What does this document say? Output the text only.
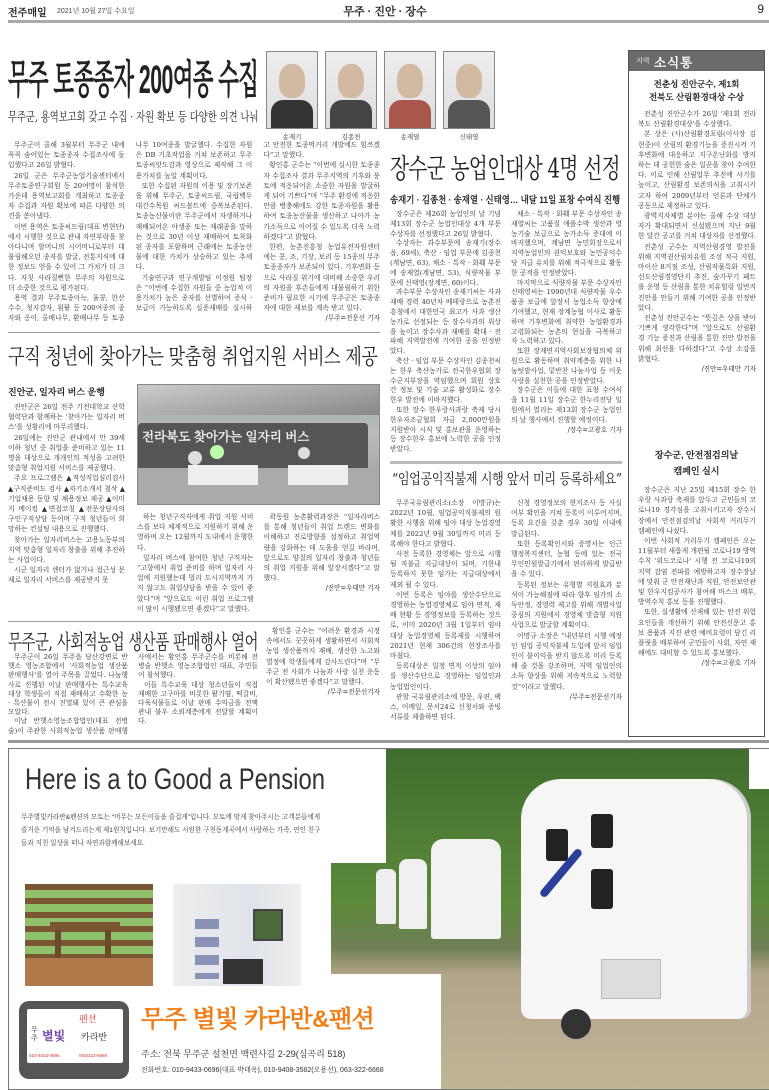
전주매일 2021년 10월 27일 수요일	무주 · 진안 · 장수	9
무주 토종종자 200여종 수집
무주군, 용역보고회 갖고 수집 · 자원 확보 등 다양한 의견 나눠

무주군이 올해 3월부터 무주군 내에 꼭꼭 숨어있는 토종종자 수집조사에 돌입했다고 26일 밝혔다.

26일 군은 무주군농업기술센터에서 무주토종연구회원 등 20여명이 참석한 가운데 용역보고회를 개최하고 토종종자 수집과 자원 확보에 따른 다양한 의견을 쏟아냈다.

이번 용역은 토종씨드림(대표 변현단)에서 시행한 것으로 관내 자연부락을 찾아다니며 할머니의 시어머니로부터 대물림해오던 종자를 발굴, 전통지식에 대한 정보도 얻을 수 있어 그 가치가 더 크다. 자칫 사라질뻔한 무주의 자원으로 더 소중한 것으로 평가된다.

용역 결과 무주토종아늑, 율콩, 한산수수, 청지감자, 흰팥 등 200여종의 종자와 옹이, 올배나무, 환배나무 등 토종나무 10여종을 발굴했다. 수집한 자원은 DB 기초작업을 거쳐 보존하고 무주토종씨앗도감과 영상으로 제작해 그 이용가치를 높일 계획이다.

또한 수집된 자원의 이용 및 장기보존을 위해 무주군, 토종씨드림, 국립백두대간수목원 씨드볼트에 중복보존된다. 토종농산물이란 무주군에서 자생하거나 재배되어온 야생종 또는 재래종을 말하는 것으로 30년 이상 재배하여 토착화된 종자를 포함하며 근래에는 토종농산물에 대한 가치가 상승하고 있는 추세다.

기술연구과 연구개발팀 이정원 팀장은 “이번에 수집한 자원들 중 농업적 이용가치가 높은 종자를 선별하여 증식 · 보급이 가능하도록 실증재배를 실시하고 안전한 토종먹거리 개발에도 힘쓰겠다”고 말했다.

황인홍 군수는 “이번에 실시한 토종종자 수집조사 결과 무주지역의 기후와 풍토에 적응되어온 소중한 자원을 발굴하게 되어 기쁘다”며 “무주 환경에 적응한 만큼 병충해에도 강한 토종자원을 활용하여 토종농산물을 생산하고 나아가 농가소득으로 이어질 수 있도록 더욱 노력하겠다”고 밝혔다.

한편, 농촌진흥청 농업유전자원센터에는 콩, 조, 기장, 보리 등 15종의 무주 토종종자가 보존되어 있다. 기후변화 등으로 사라질 위기에 대비해 소중한 우리의 자원을 후손들에게 대물림하기 위한 준비가 필요한 시기에 무주군은 토종종자에 대한 제보를 계속 받고 있다.

/무주=전문선 기자
송재기	김종천	송재열	신태영
장수군 농업인대상 4명 선정
송재기 · 김종천 · 송재열 · 신태영… 내달 11일 표창 수여식 진행

장수군은 제26회 농업인의 날 기념 제13회 장수군 농업인대상 4개 부문 수상자를 선정했다고 26일 밝혔다.

수상자는 과수부문에 송재기(장수읍, 69세), 축산 · 임업 부문에 김종천(계남면, 63), 채소 · 특작 · 화훼 부문에 송재열(계남면, 53), 식량작물 부문에 신태영(장계면, 60)이다.

과수부문 수상자인 송재기씨는 사과재배 경력 40년차 베테랑으로 농촌진흥청에서 대한민국 최고가 사과 생산농가로 선정되는 등 장수사과의 위상을 높이고 장수사과 재배를 확대 · 전파해 지역발전에 기여한 공을 인정받았다.

축산 · 임업 부문 수상자인 김종천씨는 한우 축산농가로 전국한우협회 장수군지부장을 역임했으며 회원 상호간 정보 및 기술 교류 활성화로 장수한우 발전에 이바지했다.

또한 장수 한우랑사과랑 축제 당시 한우자조금협회 자금 2,000만원을 지원받아 시식 및 홍보관을 운영하는 등 장수한우 홍보에 노력한 공을 인정받았다.

채소 · 특작 · 화훼 부문 수상자인 송재열씨는 고품질 애플수박 생산과 영농기술 보급으로 농가소득 증대에 이바지했으며, 계남면 농민회장으로서 지역농업인의 권익보호와 농민공익수당 지급 유치를 위해 적극적으로 활동한 공적을 인정받았다.

마지막으로 식량작물 부문 수상자인 신태영씨는 1990년대 식량작물 우수품종 보급에 앞장서 농업소득 향상에 기여했고, 현재 장계농협 이사로 활동하며 기후변화에 취약한 농업환경과 고령화되는 농촌의 현실을 극복하고자 노력하고 있다.

또한 장계면지역사회보장협의체 위원으로 활동하며 취약계층을 위한 나눔텃밭사업, 밑반찬 나눔사업 등 이웃사랑을 실천한 공을 인정받았다.

장수군은 이들에 대한 표창 수여식을 11월 11일 장수군 한누리전당 일원에서 열리는 제13회 장수군 농업인의 날 행사에서 진행할 예정이다.

/장수=고광호 기자
구직 청년에 찾아가는 맞춤형 취업지원 서비스 제공
진안군, 일자리 버스 운행

진안군은 26일 전주 기전대학교 산학협력단과 함께하는 '찾아가는 일자리 버스'를 성황리에 마무리했다.

26일에는 진안군 관내에서 만 39세 이하 청년 중 취업을 준비하고 있는 11명을 대상으로 개개인의 적성을 고려한 맞춤형 취업지원 서비스를 제공했다.

주요 프로그램은 ▲적성직업심리검사 ▲구직준비도 검사 ▲자기소개서 첨삭 ▲기업채용 동향 및 채용정보 제공 ▲이미지 메이킹 ▲면접코칭 ▲전문상담사의 구인구직상담 등이며 구직 청년들이 희망하는 컨설팅 내용으로 진행했다.

찾아가는 일자리버스는 고용노동부의 지역 맞춤형 일자리 창출을 위해 추진하는 사업이다.

시군 일자리 센터가 없거나 접근성 문제로 일자리 서비스를 제공받지 못

전라북도 찾아가는 일자리 버스

하는 청년구직자에게 취업 지원 서비스를 보다 체계적으로 지원하기 위해 운영하며 오는 12월까지 도내에서 운행한다.

일자리 버스에 참여한 청년 구직자는 “고향에서 취업 준비를 하며 일자리 사업에 지원했는데 멀리 도시지역까지 가지 않고도 취업상담을 받을 수 있어 좋았다”며 “앞으로도 이런 취업 프로그램이 많이 시행됐으면 좋겠다”고 말했다.

곽동원 농촌활력과장은 “일자리버스를 통해 청년들이 취업 트렌드 변화를 이해하고 진로방향을 설정하고 취업역량을 강화하는 데 도움을 얻길 바라며, 앞으로도 양질의 일자리 창출과 청년들의 취업 지원을 위해 앞장서겠다”고 말했다.

/진안=우태만 기자
무주군, 사회적농업 생산품 판매행사 열어

무주군이 26일 무주읍 당산강변로 반햇소 영농조합에서 '사회적농업 생산품 판매행사'를 열어 주목을 끌었다. 나눔행사로 진행된 이날 판매행사는 특수교육 대상 학생들이 직접 재배하고 수확한 농 · 특산물이 전시 진열돼 있어 큰 관심을 모았다.

이날 반햇소영농조합법인(대표 전병술)이 주관한 사회적농업 생산품 판매행사에서는 황인홍 무주군수를 비롯해 전병술 반햇소 영농조합법인 대표, 주민들이 참석했다.

이들 특수교육 대상 청소년들이 직접 재배한 고구마를 비롯한 팥기염, 떡갈비, 다육식물들로 이날 판매 수익금을 전액 관내 불우 소외계층에게 전달할 계획이다.

황인홍 군수는 “어려운 환경과 시정속에서도 꿋꿋하게 생활하면서 사회적농업 생산품까지 재배, 생산한 노고와 열정에 학생들에게 감사드린다”며 “무주군 전 사회가 나눔과 사랑 실천 운동이 확산됐으면 좋겠다”고 말했다.

/무주=전문선기자
“임업공익직불제 시행 앞서 미리 등록하세요”

무주국유림관리소(소장 이명규)는 2022년 10월, 임업공익직불제의 원활한 시행을 위해 임야 대상 농업경영체를 2022년 9월 30일까지 미리 등록해야 한다고 밝혔다.

사전 등록한 경영체는 앞으로 시행될 직불금 지급대상이 되며, 기한내 등록하지 못한 임가는 지급대상에서 제외 될 수 있다.

이번 등록은 임야를 생산수단으로 경영하는 농업경영체로 임야 면적, 재배 현황 등 경영정보를 등록하는 것으로, 이미 2020년 3월 1일부터 임야 대상 농업경영체 등록제를 시행하여 2021년 현재 306건의 현장조사를 마쳤다.

등록대상은 일정 면적 이상의 임야를 생산수단으로 경영하는 임업인과 농업법인이다.

관할 국유림관리소에 방문, 우편, 팩스, 이메일, 문서24로 신청서와 증빙서류를 제출하면 된다.

신청 경영정보의 현지조사 등 사실여부 확인을 거쳐 등록이 이루어지며, 등록 요건을 갖춘 경우 30일 이내에 발급된다.

또한 등록확인서와 증명서는 인근 행정복지센터, 농협 등에 있는 전국 무인민원발급기에서 편리하게 발급받을 수 있다.

등록된 정보는 유형별 지원효과 분석이 가능해짐에 따라 향후 임가의 소득안정, 경영력 제고를 위해 개별사업 중심의 지원에서 경영체 맞춤형 지원 사업으로 발굴할 계획이다.

이명규 소장은 “내년부터 시행 예정인 임업 공익직불제 도입에 앞서 임업인이 불이익을 받지 않도록 미리 등록해 줄 것을 강조하며, 지역 임업인의 소득 향상을 위해 지속적으로 노력할 것”이라고 말했다.

/무주=전문선기자
지역 소식통
전춘성 진안군수, 제1회
전북도 산림환경대상 수상

전춘성 진안군수가 26일 '제1회 전라북도 산림환경대상'을 수상했다.

본 상은 (사)산림환경포럼(이사장 김현중)이 산림의 환경기능을 증진시켜 기후변화에 대응하고 지구온난화를 방지하는 데 공헌한 숨은 일꾼을 찾아 수여한다. 이로 인해 산림업무 추진에 사기를 높이고, 산림환경 보존의식을 고취시키고자 하여 2009년부터 언론과 단체가 공동으로 제정하고 있다.

광역지자체별 분야는 올해 수상 대상자가 확대되면서 신설됐으며 지난 9월 한 달간 공고를 거쳐 대상자를 선정했다.

전춘성 군수는 지역산림경영 발전을 위해 지역권산림치유원 조성 적극 지원, 마이산 8거점 조성, 산림작물특화 지원, 선도산림경영단지 추진, 숲가꾸기 패트롤 운영 등 산림을 통한 치유힐링 일번지 진안을 만들기 위해 기여한 공을 인정받았다.

전춘성 진안군수는 “뜻깊은 상을 받아 기쁘게 생각한다”며 “앞으로도 산림환경 기능 증진과 산림을 통한 진안 발전을 위해 최선을 다하겠다”고 수상 소감을 밝혔다.

/진안=우태만 기자
장수군, 안전점검의날
캠페인 실시

장수군은 지난 25일 제15회 장수 한우랑 사과랑 축제를 앞두고 군민들의 코로나19 경각심을 고취시키고자 장수시장에서 안전점검의날 사회적 거리두기 캠페인에 나섰다.

이번 사회적 거리두기 캠페인은 오는 11월부터 새롭게 개편될 코로나19 방역수칙 '위드코로나' 시행 전 코로나19의 지역 감염 전파를 예방하고자 장수장날에 맞춰 군 안전재난과 직원, 안전보안관 및 한우지킴공사가 참여해 마스크 배부, 방역수칙 홍보 등을 진행했다.

또한, 실생활에 산재해 있는 안전 위험 요인들을 개선하기 위해 안전신문고 홍보 용품과 지진 관련 예비요령이 담긴 리플릿을 배부하여 군민들이 사회, 자연 재해에도 대비할 수 있도록 홍보했다.

/장수=고광호 기자
Here is a to Good a Pension
무주별빛카라반&펜션의 모토는 “머무는 모든이들을 즐겁게”입니다. 모토에 맞게 찾아주시는 고객분들에게 즐거운 기억을 남겨드리는게 제1원칙입니다. 보기만해도 시원한 구천동계곡에서 사랑하는 가족, 연인 친구들과 지친 일상을 떠나 자연과함께해보세요.
펜션
무주 별빛 카라반
010-9433-0696	063)322-6668
무주 별빛 카라반&팬션
주소: 전북 무주군 설천면 백련사길 2-29(심곡리 518)
전화번호: 010-9433-0696(대표 박태옥), 010-9408-3582(오용선), 063-322-6668
